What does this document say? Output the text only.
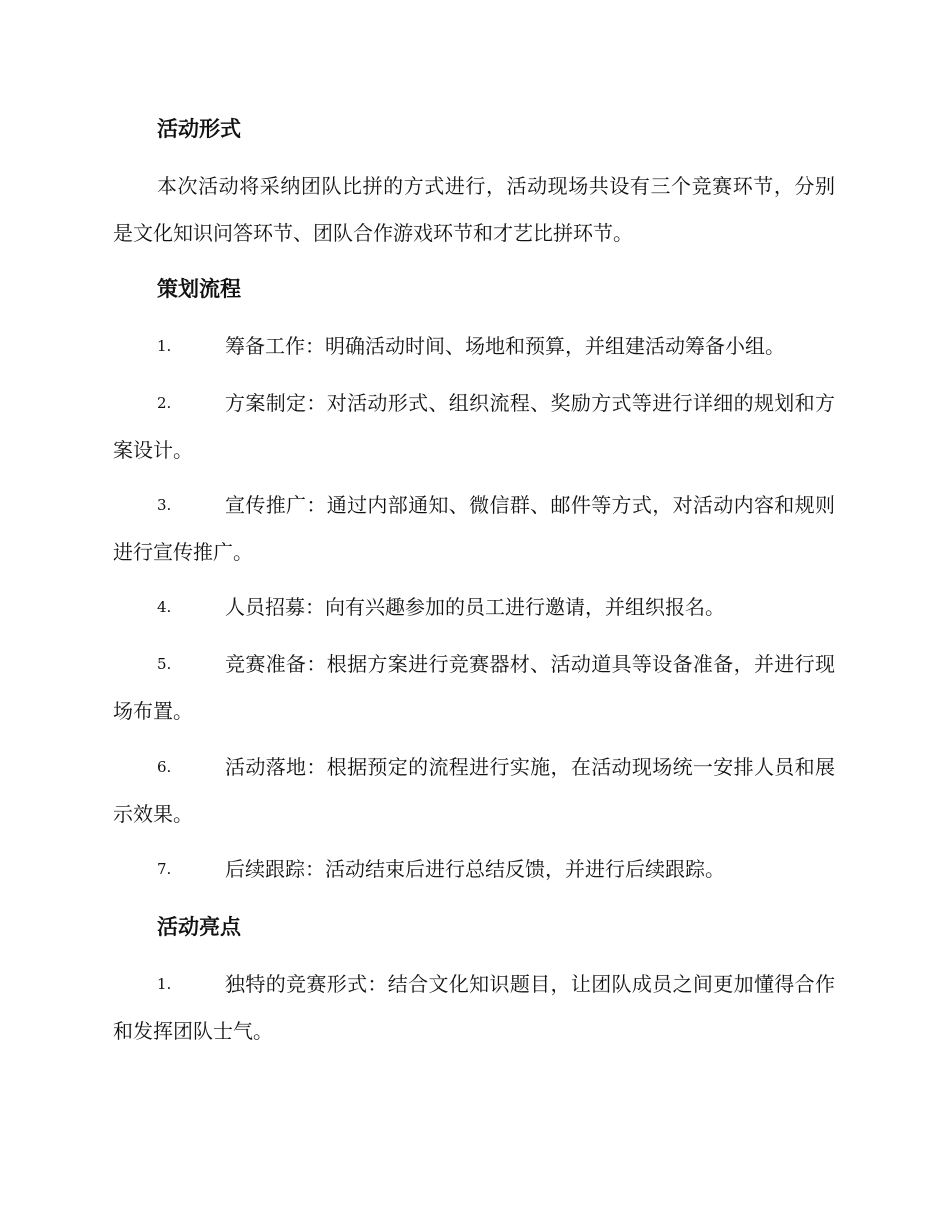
活动形式
本次活动将采纳团队比拼的方式进行，活动现场共设有三个竞赛环节，分别是文化知识问答环节、团队合作游戏环节和才艺比拼环节。
策划流程
1.	筹备工作：明确活动时间、场地和预算，并组建活动筹备小组。
2.	方案制定：对活动形式、组织流程、奖励方式等进行详细的规划和方案设计。
3.	宣传推广：通过内部通知、微信群、邮件等方式，对活动内容和规则进行宣传推广。
4.	人员招募：向有兴趣参加的员工进行邀请，并组织报名。
5.	竞赛准备：根据方案进行竞赛器材、活动道具等设备准备，并进行现场布置。
6.	活动落地：根据预定的流程进行实施，在活动现场统一安排人员和展示效果。
7.	后续跟踪：活动结束后进行总结反馈，并进行后续跟踪。
活动亮点
1.	独特的竞赛形式：结合文化知识题目，让团队成员之间更加懂得合作和发挥团队士气。
